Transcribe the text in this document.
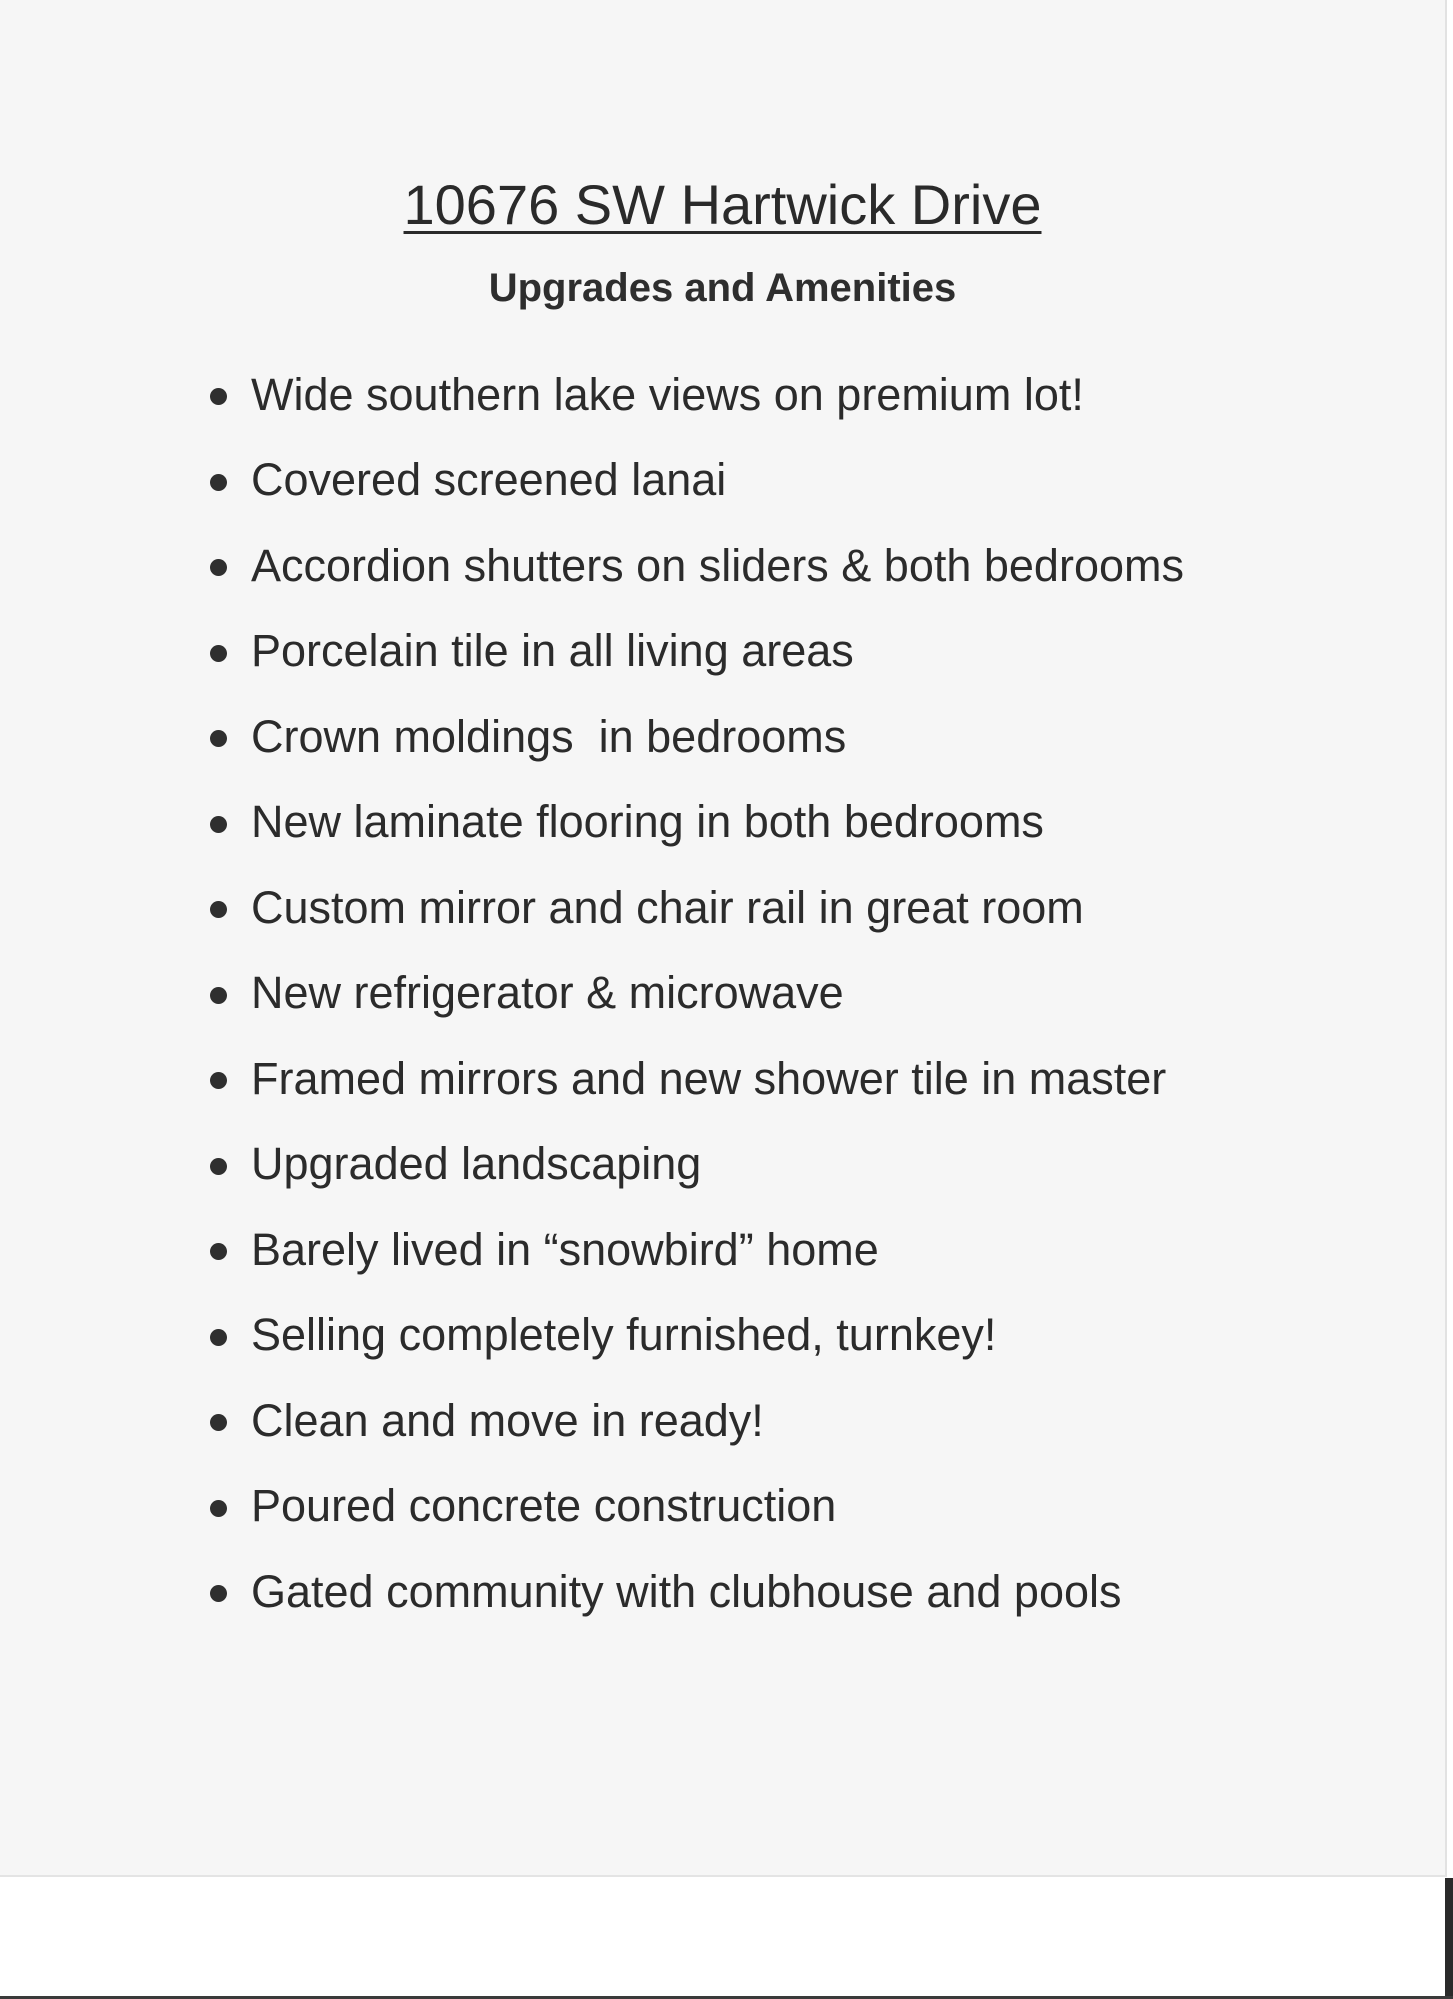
10676 SW Hartwick Drive
Upgrades and Amenities
Wide southern lake views on premium lot!
Covered screened lanai
Accordion shutters on sliders & both bedrooms
Porcelain tile in all living areas
Crown moldings  in bedrooms
New laminate flooring in both bedrooms
Custom mirror and chair rail in great room
New refrigerator & microwave
Framed mirrors and new shower tile in master
Upgraded landscaping
Barely lived in “snowbird” home
Selling completely furnished, turnkey!
Clean and move in ready!
Poured concrete construction
Gated community with clubhouse and pools
